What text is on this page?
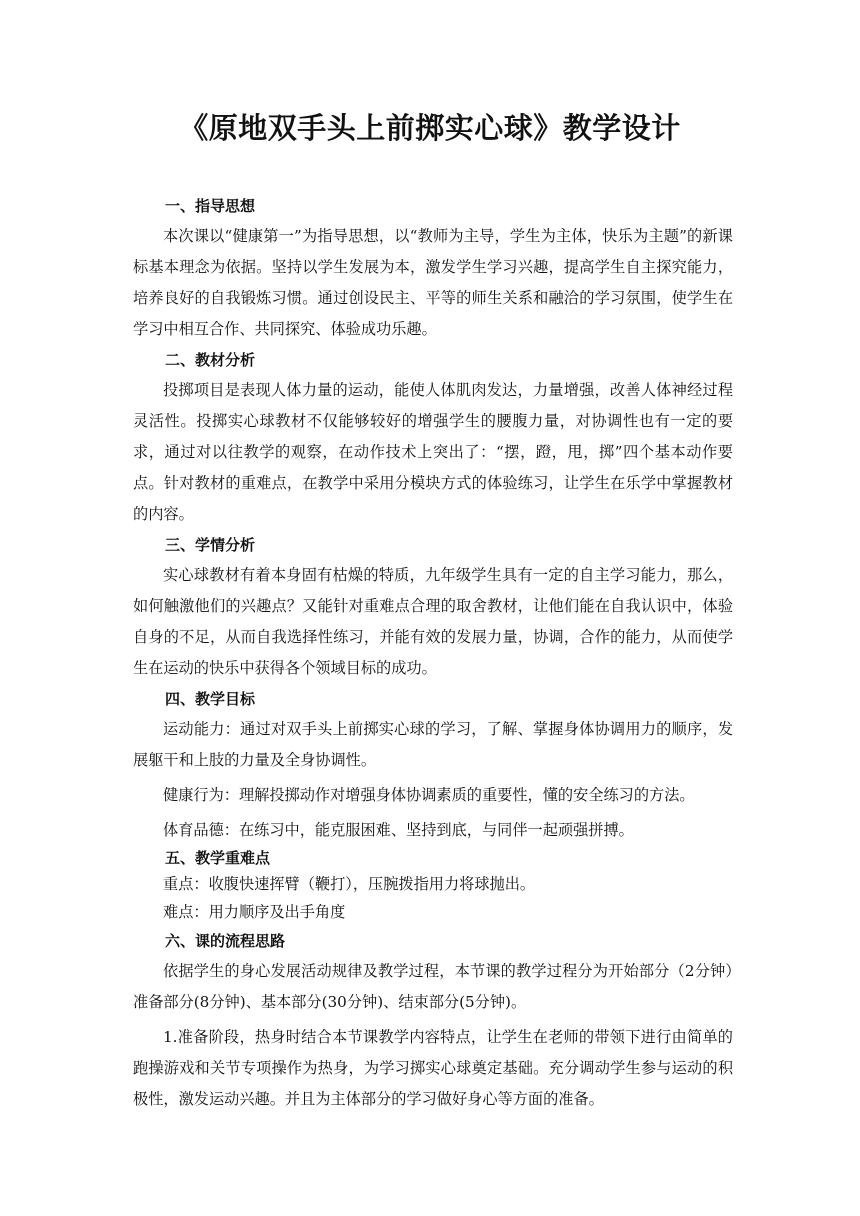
《原地双手头上前掷实心球》教学设计

一、指导思想

本次课以“健康第一”为指导思想，以“教师为主导，学生为主体，快乐为主题”的新课标基本理念为依据。坚持以学生发展为本，激发学生学习兴趣，提高学生自主探究能力，培养良好的自我锻炼习惯。通过创设民主、平等的师生关系和融洽的学习氛围，使学生在学习中相互合作、共同探究、体验成功乐趣。

二、教材分析

投掷项目是表现人体力量的运动，能使人体肌肉发达，力量增强，改善人体神经过程灵活性。投掷实心球教材不仅能够较好的增强学生的腰腹力量，对协调性也有一定的要求，通过对以往教学的观察，在动作技术上突出了：“摆，蹬，甩，掷”四个基本动作要点。针对教材的重难点，在教学中采用分模块方式的体验练习，让学生在乐学中掌握教材的内容。

三、学情分析

实心球教材有着本身固有枯燥的特质，九年级学生具有一定的自主学习能力，那么，如何触激他们的兴趣点？又能针对重难点合理的取舍教材，让他们能在自我认识中，体验自身的不足，从而自我选择性练习，并能有效的发展力量，协调，合作的能力，从而使学生在运动的快乐中获得各个领域目标的成功。

四、教学目标

运动能力：通过对双手头上前掷实心球的学习，了解、掌握身体协调用力的顺序，发展躯干和上肢的力量及全身协调性。

健康行为：理解投掷动作对增强身体协调素质的重要性，懂的安全练习的方法。

体育品德：在练习中，能克服困难、坚持到底，与同伴一起顽强拼搏。

五、教学重难点

重点：收腹快速挥臂（鞭打），压腕拨指用力将球抛出。

难点：用力顺序及出手角度

六、课的流程思路

依据学生的身心发展活动规律及教学过程，本节课的教学过程分为开始部分（2分钟）准备部分(8分钟)、基本部分(30分钟)、结束部分(5分钟)。

1.准备阶段，热身时结合本节课教学内容特点，让学生在老师的带领下进行由简单的跑操游戏和关节专项操作为热身，为学习掷实心球奠定基础。充分调动学生参与运动的积极性，激发运动兴趣。并且为主体部分的学习做好身心等方面的准备。
